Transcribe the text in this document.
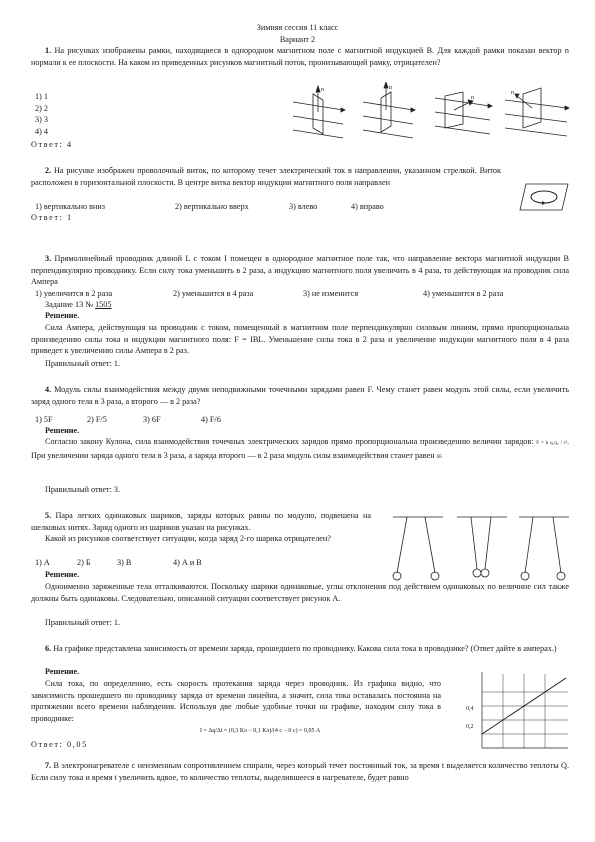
Зимняя сессия 11 класс
Вариант 2
1. На рисунках изображены рамки, находящиеся в однородном магнитном поле с магнитной индукцией B. Для каждой рамки показан вектор n нормали к ее плоскости. На каком из приведенных рисунков магнитный поток, пронизывающий рамку, отрицателен?
1) 1
2) 2
3) 3
4) 4
Ответ: 4
n	n
n
n
2. На рисунке изображен проволочный виток, по которому течет электрический ток в направлении, указанном стрелкой. Виток расположен в горизонтальной плоскости. В центре витка вектор индукции магнитного поля направлен
1) вертикально вниз	2) вертикально вверх	3) влево	4) вправо
Ответ: 1
3. Прямолинейный проводник длиной L с током I помещен в однородное магнитное поле так, что направление вектора магнитной индукции B перпендикулярно проводнику. Если силу тока уменьшить в 2 раза, а индукцию магнитного поля увеличить в 4 раза, то действующая на проводник сила Ампера
1) увеличится в 2 раза	2) уменьшится в 4 раза	3) не изменится	4) уменьшится в 2 раза
Задание 13 № 1505
Решение.
Сила Ампера, действующая на проводник с током, помещенный в магнитном поле перпендикулярно силовым линиям, прямо пропорциональна произведению силы тока и индукции магнитного поля: F = IBL. Уменьшение силы тока в 2 раза и увеличение индукции магнитного поля в 4 раза приведет к увеличению силы Ампера в 2 раз.
Правильный ответ: 1.
4. Модуль силы взаимодействия между двумя неподвижными точечными зарядами равен F. Чему станет равен модуль этой силы, если увеличить заряд одного тела в 3 раза, а второго — в 2 раза?
1) 5F	2) F/5	3) 6F	4) F/6
Решение.
Согласно закону Кулона, сила взаимодействия точечных электрических зарядов прямо пропорциональна произведению величин зарядов: F = k q₁q₂ / r². При увеличении заряда одного тела в 3 раза, а заряда второго — в 2 раза модуль силы взаимодействия станет равен 6F.
Правильный ответ: 3.
5. Пара легких одинаковых шариков, заряды которых равны по модулю, подвешена на шелковых нитях. Заряд одного из шариков указан на рисунках.
Какой из рисунков соответствует ситуации, когда заряд 2-го шарика отрицателен?
1) А	2) Б	3) В	4) А и В
Решение.
Одноименно заряженные тела отталкиваются. Поскольку шарики одинаковые, углы отклонения под действием одинаковых по величине сил также должны быть одинаковы. Следовательно, описанной ситуации соответствует рисунок А.
Правильный ответ: 1.
6. На графике представлена зависимость от времени заряда, прошедшего по проводнику. Какова сила тока в проводнике? (Ответ дайте в амперах.)
Решение.
Сила тока, по определению, есть скорость протекания заряда через проводник. Из графика видно, что зависимость прошедшего по проводнику заряда от времени линейна, а значит, сила тока оставалась постоянна на протяжении всего времени наблюдения. Используя две любые удобные точки на графике, находим силу тока в проводнике:
I = Δq/Δt = (0,3 Кл − 0,1 Кл)/(4 с − 0 с) = 0,05 А
Ответ: 0,05
0,4
0,2
7. В электронагревателе с неизменным сопротивлением спирали, через который течет постоянный ток, за время t выделяется количество теплоты Q. Если силу тока и время t увеличить вдвое, то количество теплоты, выделившееся в нагревателе, будет равно
